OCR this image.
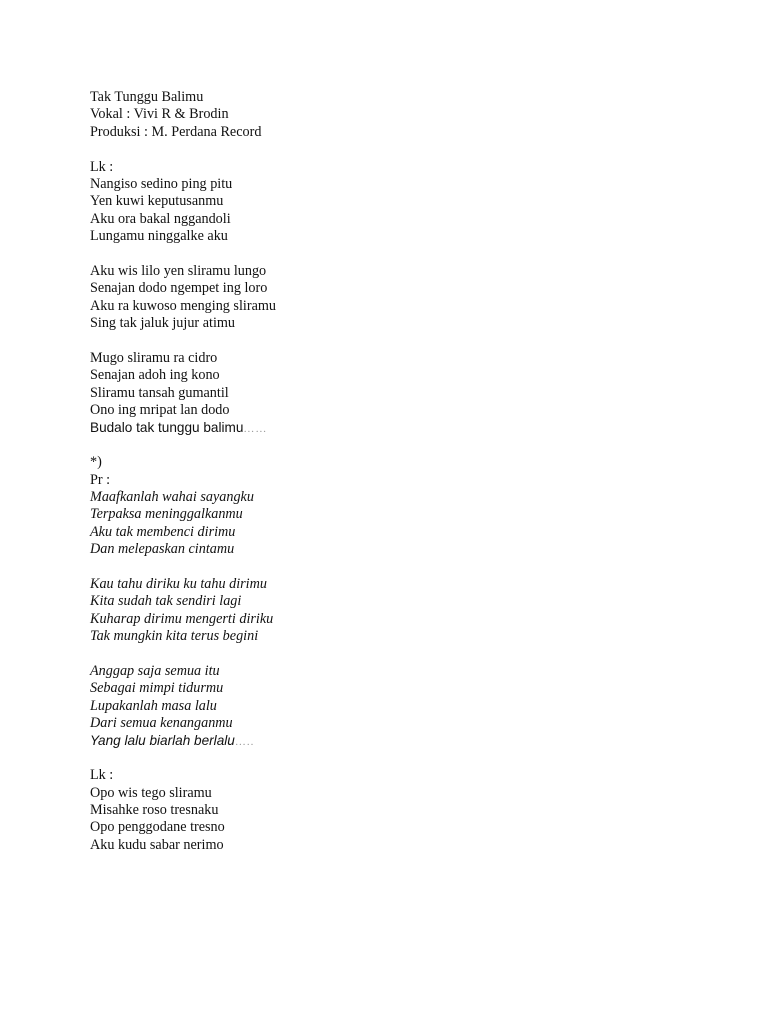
Tak Tunggu Balimu
Vokal : Vivi R & Brodin
Produksi : M. Perdana Record
Lk :
Nangiso sedino ping pitu
Yen kuwi keputusanmu
Aku ora bakal nggandoli
Lungamu ninggalke aku
Aku wis lilo yen sliramu lungo
Senajan dodo ngempet ing loro
Aku ra kuwoso menging sliramu
Sing tak jaluk jujur atimu
Mugo sliramu ra cidro
Senajan adoh ing kono
Sliramu tansah gumantil
Ono ing mripat lan dodo
Budalo tak tunggu balimu……
*)
Pr :
Maafkanlah wahai sayangku
Terpaksa meninggalkanmu
Aku tak membenci dirimu
Dan melepaskan cintamu
Kau tahu diriku ku tahu dirimu
Kita sudah tak sendiri lagi
Kuharap dirimu mengerti diriku
Tak mungkin kita terus begini
Anggap saja semua itu
Sebagai mimpi tidurmu
Lupakanlah masa lalu
Dari semua kenanganmu
Yang lalu biarlah berlalu…..
Lk :
Opo wis tego sliramu
Misahke roso tresnaku
Opo penggodane tresno
Aku kudu sabar nerimo
